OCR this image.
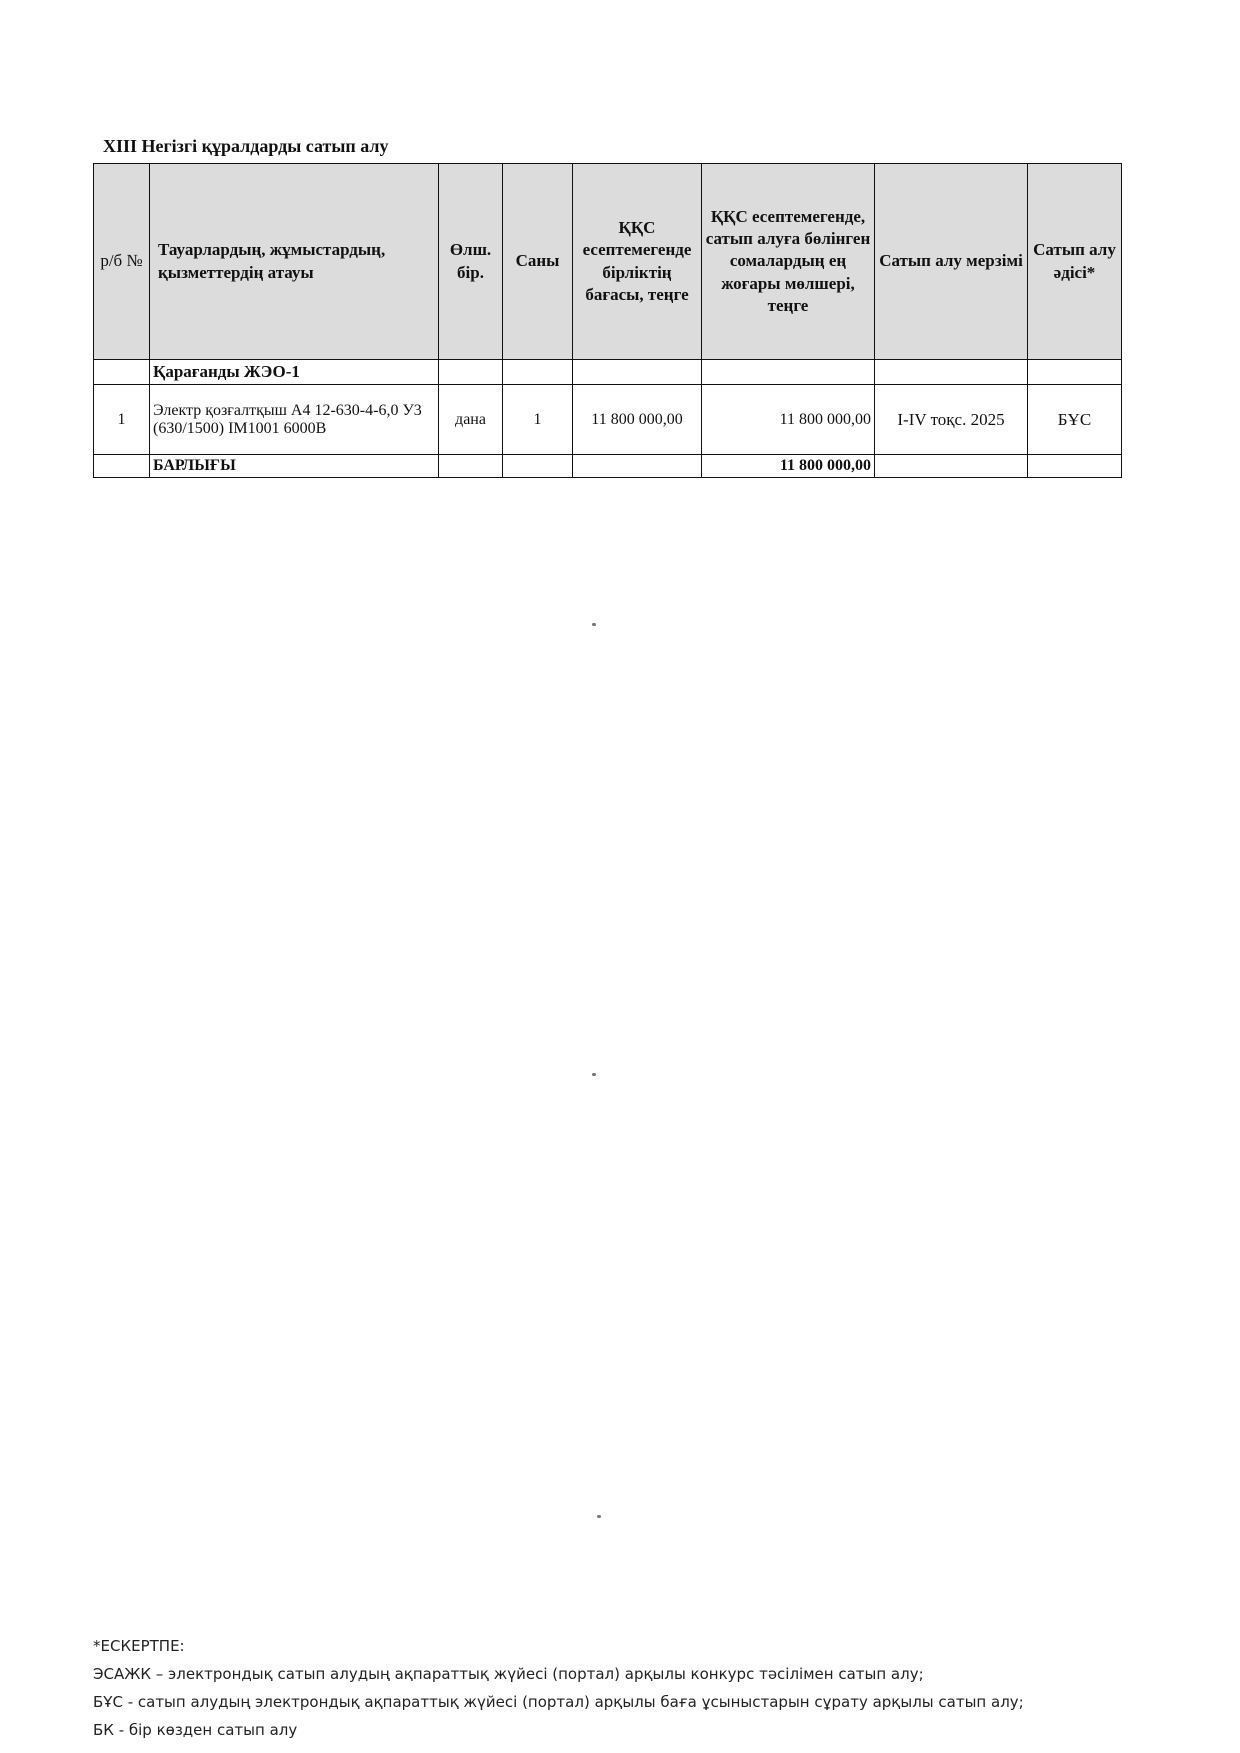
XIII Негізгі құралдарды сатып алу
р/б №	Тауарлардың, жұмыстардың, қызметтердің атауы	Өлш. бір.	Саны	ҚҚС есептемегенде бірліктің бағасы, теңге	ҚҚС есептемегенде, сатып алуға бөлінген сомалардың ең жоғары мөлшері, теңге	Сатып алу мерзімі	Сатып алу әдісі*
	Қарағанды ЖЭО-1						
1	Электр қозғалтқыш А4 12-630-4-6,0 У3 (630/1500) IM1001 6000В	дана	1	11 800 000,00	11 800 000,00	I-IV тоқс. 2025	БҰС
	БАРЛЫҒЫ				11 800 000,00		
*ЕСКЕРТПЕ:
ЭСАЖК – электрондық сатып алудың ақпараттық жүйесі (портал) арқылы конкурс тәсілімен сатып алу;
БҰС - сатып алудың электрондық ақпараттық жүйесі (портал) арқылы баға ұсыныстарын сұрату арқылы сатып алу;
БК - бір көзден сатып алу
